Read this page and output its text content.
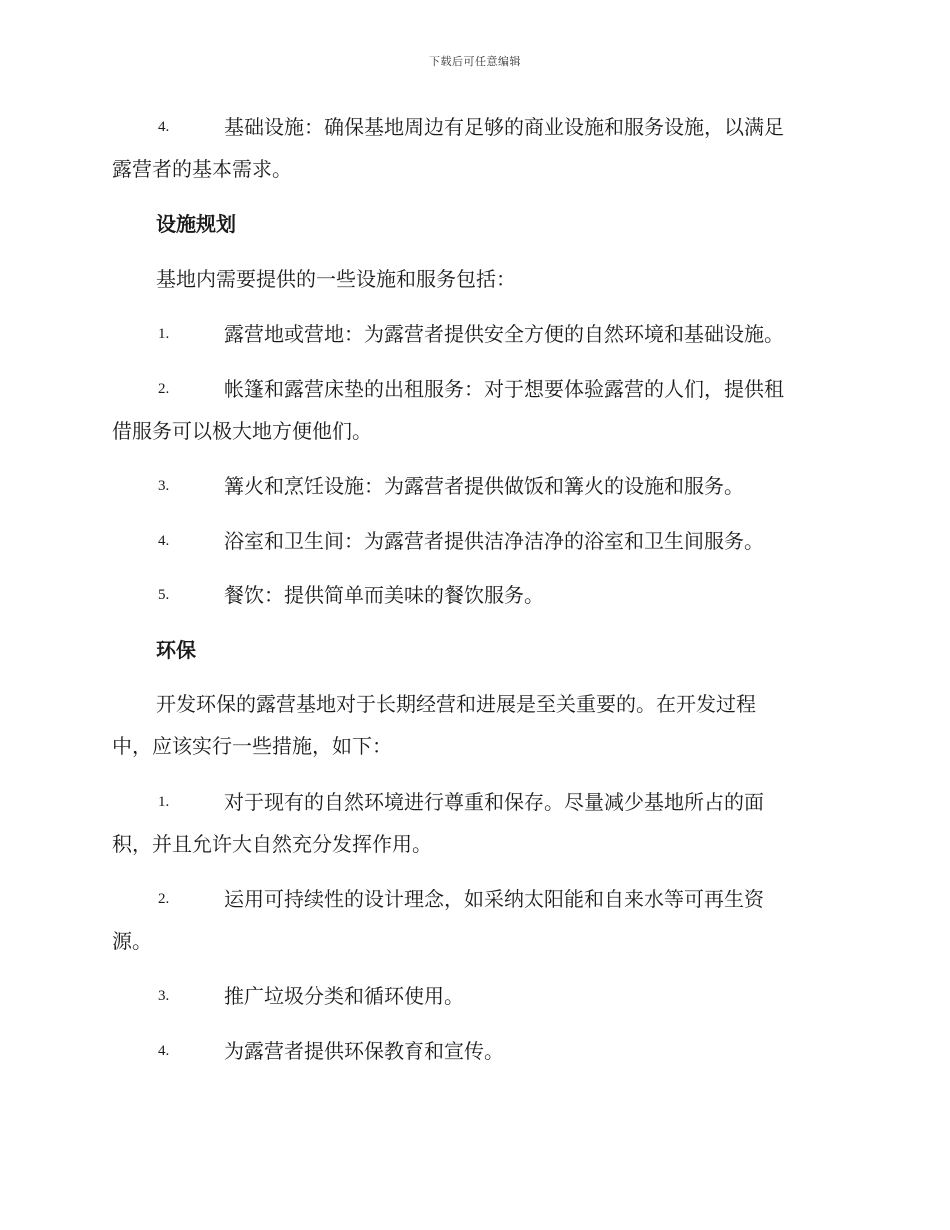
下载后可任意编辑
4.	基础设施：确保基地周边有足够的商业设施和服务设施，以满足
露营者的基本需求。
设施规划
基地内需要提供的一些设施和服务包括：
1.	露营地或营地：为露营者提供安全方便的自然环境和基础设施。
2.	帐篷和露营床垫的出租服务：对于想要体验露营的人们，提供租
借服务可以极大地方便他们。
3.	篝火和烹饪设施：为露营者提供做饭和篝火的设施和服务。
4.	浴室和卫生间：为露营者提供洁净洁净的浴室和卫生间服务。
5.	餐饮：提供简单而美味的餐饮服务。
环保
开发环保的露营基地对于长期经营和进展是至关重要的。在开发过程
中，应该实行一些措施，如下：
1.	对于现有的自然环境进行尊重和保存。尽量减少基地所占的面
积，并且允许大自然充分发挥作用。
2.	运用可持续性的设计理念，如采纳太阳能和自来水等可再生资
源。
3.	推广垃圾分类和循环使用。
4.	为露营者提供环保教育和宣传。
